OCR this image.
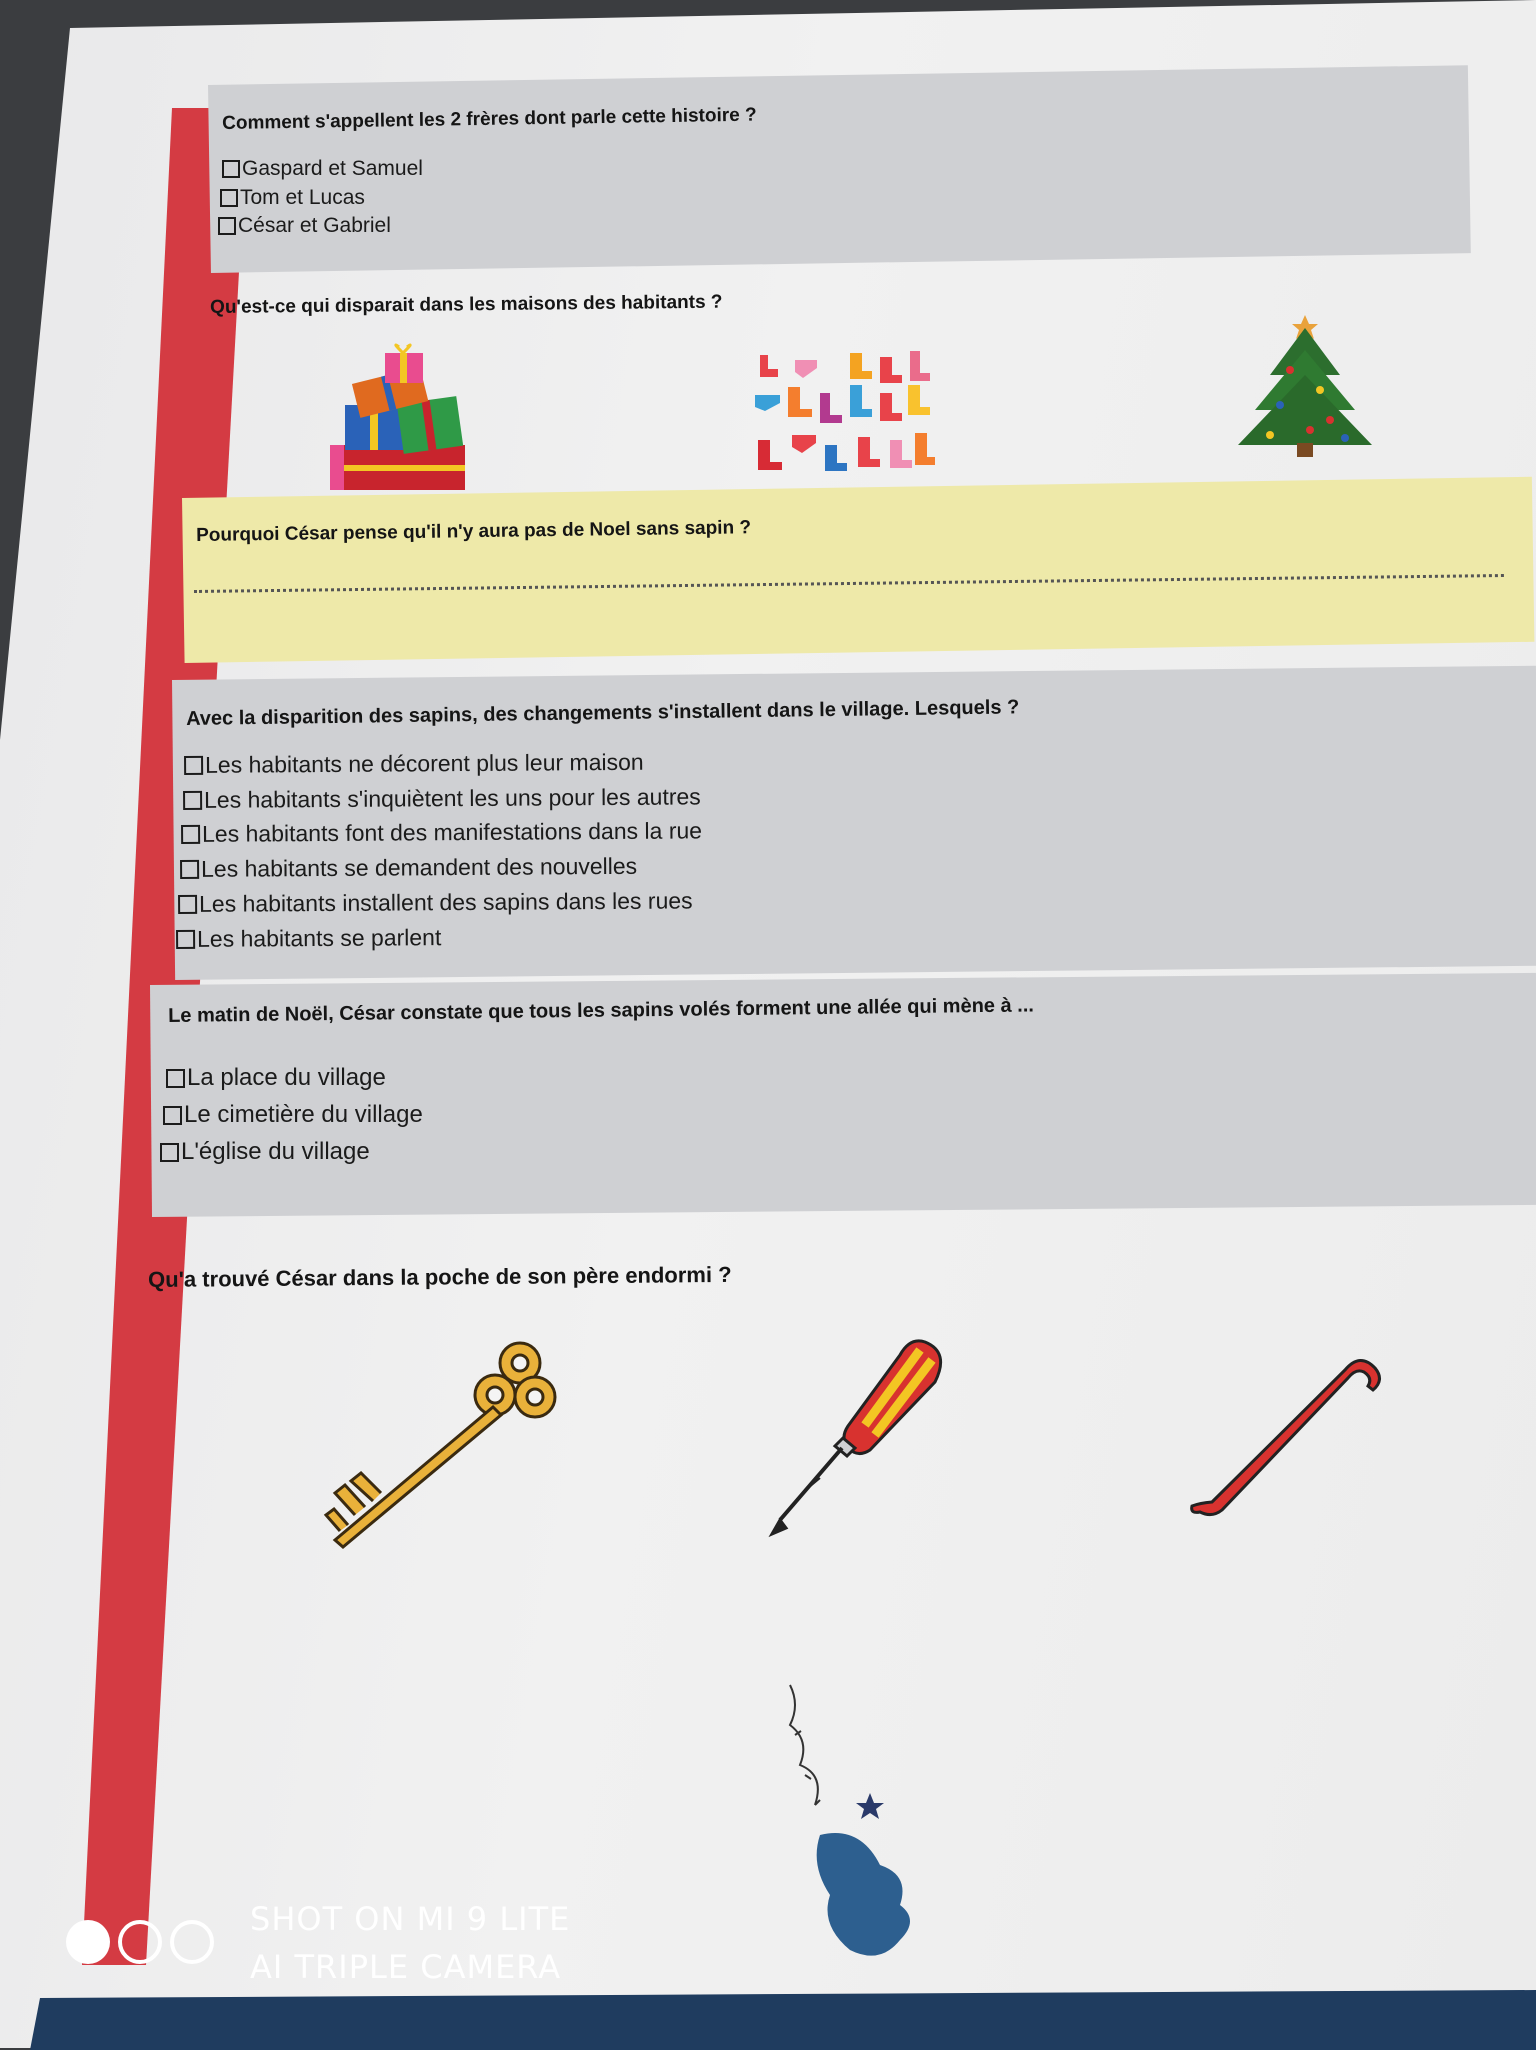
Comment s'appellent les 2 frères dont parle cette histoire ?
Gaspard et Samuel
Tom et Lucas
César et Gabriel
Qu'est-ce qui disparait dans les maisons des habitants ?
Pourquoi César pense qu'il n'y aura pas de Noel sans sapin ?
Avec la disparition des sapins, des changements s'installent dans le village. Lesquels ?
Les habitants ne décorent plus leur maison
Les habitants s'inquiètent les uns pour les autres
Les habitants font des manifestations dans la rue
Les habitants se demandent des nouvelles
Les habitants installent des sapins dans les rues
Les habitants se parlent
Le matin de Noël, César constate que tous les sapins volés forment une allée qui mène à ...
La place du village
Le cimetière du village
L'église du village
Qu'a trouvé César dans la poche de son père endormi ?
SHOT ON MI 9 LITE
AI TRIPLE CAMERA
